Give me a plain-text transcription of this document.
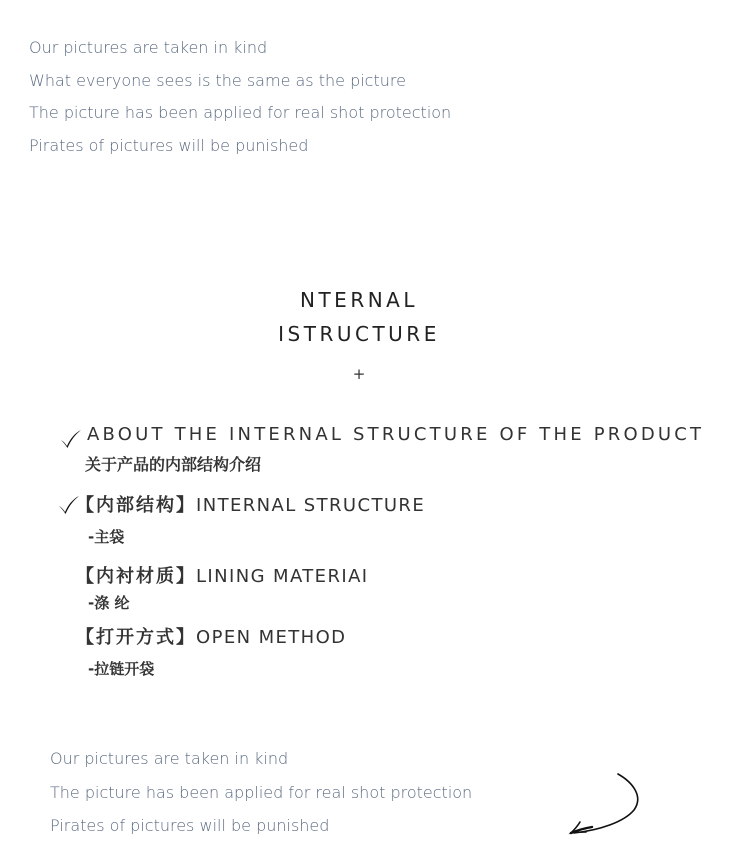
Our pictures are taken in kind
What everyone sees is the same as the picture
The picture has been applied for real shot protection
Pirates of pictures will be punished
NTERNAL
ISTRUCTURE
+
ABOUT THE INTERNAL STRUCTURE OF THE PRODUCT
关于产品的内部结构介绍
【内部结构】INTERNAL STRUCTURE
-主袋
【内衬材质】LINING MATERIAI
-涤 纶
【打开方式】OPEN METHOD
-拉链开袋
Our pictures are taken in kind
The picture has been applied for real shot protection
Pirates of pictures will be punished
